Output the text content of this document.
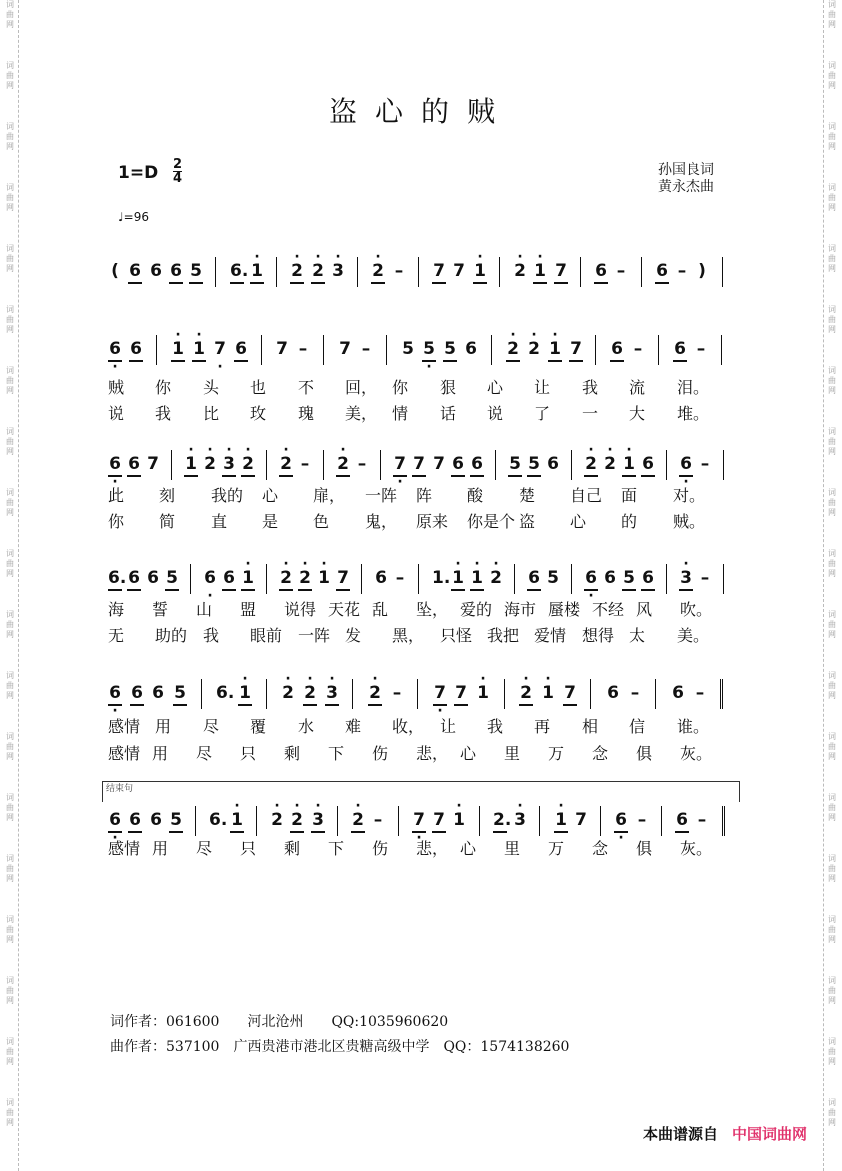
词
曲
网
词
曲
网
词
曲
网
词
曲
网
词
曲
网
词
曲
网
词
曲
网
词
曲
网
词
曲
网
词
曲
网
词
曲
网
词
曲
网
词
曲
网
词
曲
网
词
曲
网
词
曲
网
词
曲
网
词
曲
网
词
曲
网
词
曲
网
词
曲
网
词
曲
网
词
曲
网
词
曲
网
词
曲
网
词
曲
网
词
曲
网
词
曲
网
词
曲
网
词
曲
网
词
曲
网
词
曲
网
词
曲
网
词
曲
网
词
曲
网
词
曲
网
词
曲
网
词
曲
网
盗心的贼
1=D 2
4
♩=96
孙国良词
黄永杰曲
( 6 6 6 5 6. · 1 · 2 · 2 · 3 · 2 – 7 7 · 1 · 2 · 1 7 6 – 6 – )
· 6 6 · 1 · 1 · 7 6 7 – 7 – 5 · 5 5 6 · 2 · 2 · 1 7 6 – 6 –
贼 你 头 也 不 回， 你 狠 心 让 我 流 泪。
说 我 比 玫 瑰 美， 情 话 说 了 一 大 堆。
· 6 6 7 · 1 · 2 · 3 · 2 · 2 – · 2 – · 7 7 7 6 6 5 5 6 · 2 · 2 · 1 6 · 6 –
此 刻 我的 心 扉， 一阵 阵 酸 楚 自己 面 对。
你 简 直 是 色 鬼， 原来 你是个 盗 心 的 贼。
6. 6 6 5 · 6 6 · 1 · 2 · 2 · 1 7 6 – 1. · 1 · 1 · 2 6 5 · 6 6 5 6 · 3 –
海 誓 山 盟 说得 天花 乱 坠， 爱的 海市 蜃楼 不经 风 吹。
无 助的 我 眼前 一阵 发 黑， 只怪 我把 爱情 想得 太 美。
· 6 6 6 5 6. · 1 · 2 · 2 · 3 · 2 – · 7 7 · 1 · 2 · 1 7 6 – 6 –
感情 用 尽 覆 水 难 收， 让 我 再 相 信 谁。
感情 用 尽 只 剩 下 伤 悲， 心 里 万 念 俱 灰。
· 6 6 6 5 6. · 1 · 2 · 2 · 3 · 2 – · 7 7 · 1 2. · 3 · 1 7 · 6 – 6 –
感情 用 尽 只 剩 下 伤 悲， 心 里 万 念 俱 灰。
结束句
词作者：061600　　河北沧州　　QQ:1035960620
曲作者：537100　广西贵港市港北区贵糖高级中学　QQ：1574138260
本曲谱源自 中国词曲网
